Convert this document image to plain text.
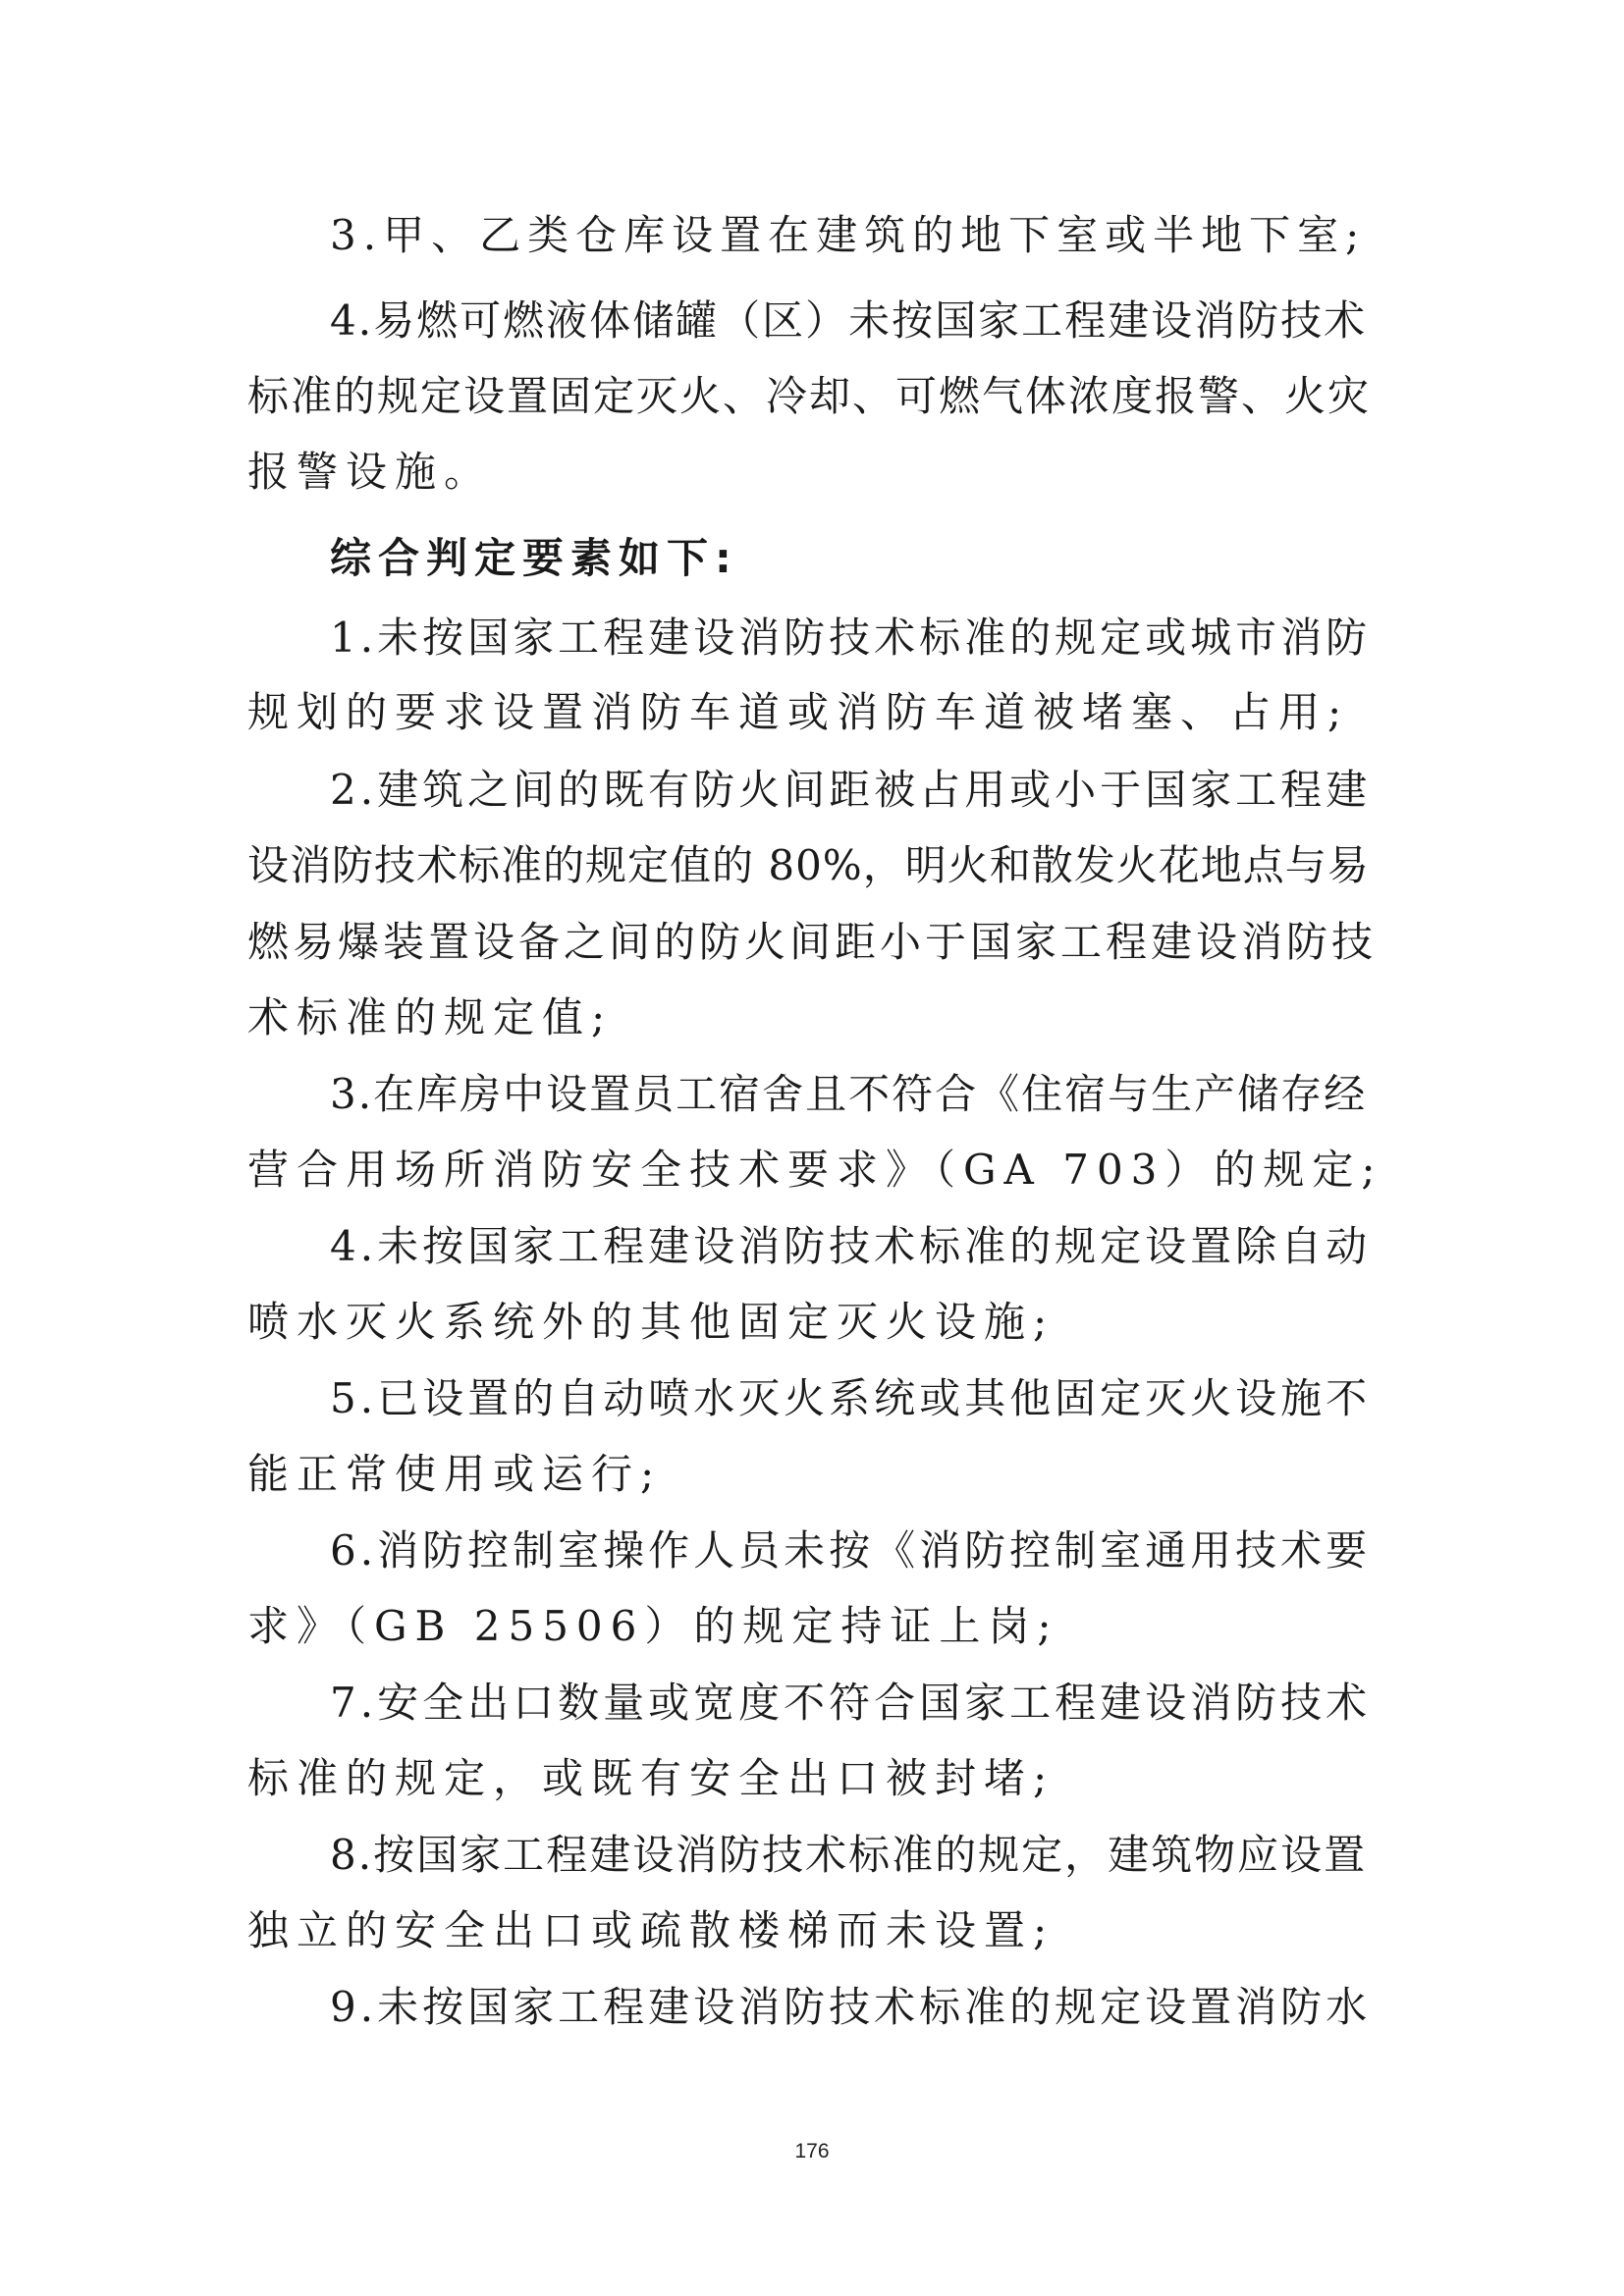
3.甲、乙类仓库设置在建筑的地下室或半地下室;

4.易燃可燃液体储罐（区）未按国家工程建设消防技术

标准的规定设置固定灭火、冷却、可燃气体浓度报警、火灾

报警设施。

综合判定要素如下:

1.未按国家工程建设消防技术标准的规定或城市消防

规划的要求设置消防车道或消防车道被堵塞、占用;

2.建筑之间的既有防火间距被占用或小于国家工程建

设消防技术标准的规定值的 80%，明火和散发火花地点与易

燃易爆装置设备之间的防火间距小于国家工程建设消防技

术标准的规定值;

3.在库房中设置员工宿舍且不符合《住宿与生产储存经

营合用场所消防安全技术要求》（GA 703）的规定;

4.未按国家工程建设消防技术标准的规定设置除自动

喷水灭火系统外的其他固定灭火设施;

5.已设置的自动喷水灭火系统或其他固定灭火设施不

能正常使用或运行;

6.消防控制室操作人员未按《消防控制室通用技术要

求》（GB 25506）的规定持证上岗;

7.安全出口数量或宽度不符合国家工程建设消防技术

标准的规定，或既有安全出口被封堵;

8.按国家工程建设消防技术标准的规定，建筑物应设置

独立的安全出口或疏散楼梯而未设置;

9.未按国家工程建设消防技术标准的规定设置消防水

176
